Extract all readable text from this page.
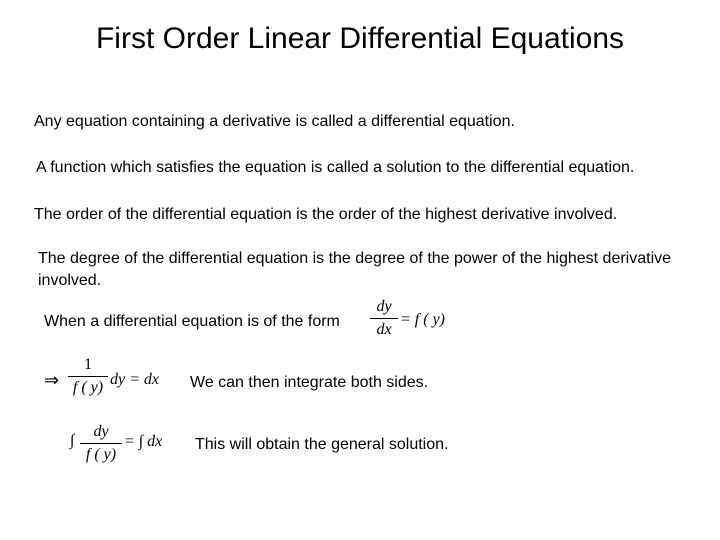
First Order Linear Differential Equations
Any equation containing a derivative is called a differential equation.
A function which satisfies the equation is called a solution to the differential equation.
The order of the differential equation is the order of the highest derivative involved.
The degree of the differential equation is the degree of the power of the highest derivative involved.
When a differential equation is of the form
dy
dx
= f ( y)
⇒
1
f ( y) dy = dx We can then integrate both sides.
∫
dy
f ( y)
= ∫ dx This will obtain the general solution.
